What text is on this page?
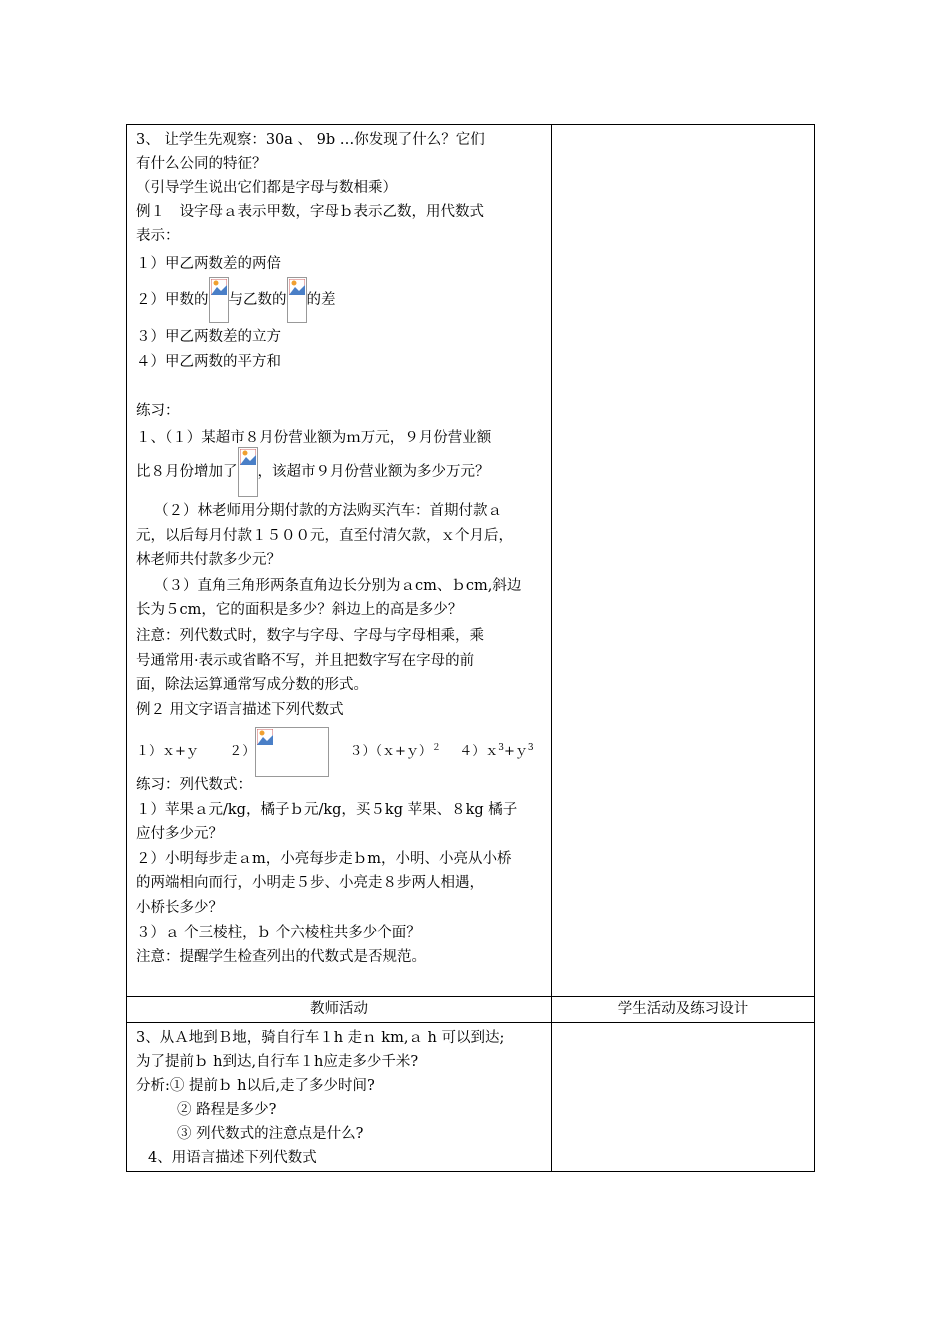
3、 让学生先观察：30a 、 9b …你发现了什么？它们
有什么公同的特征？
（引导学生说出它们都是字母与数相乘）
例１　设字母ａ表示甲数，字母ｂ表示乙数，用代数式
表示：
１）甲乙两数差的两倍
２）甲数的 与乙数的 的差
３）甲乙两数差的立方
４）甲乙两数的平方和
练习：
１、（１）某超市８月份营业额为ｍ万元，９月份营业额
比８月份增加了 ，该超市９月份营业额为多少万元？
（２）林老师用分期付款的方法购买汽车：首期付款ａ
元，以后每月付款１５００元，直至付清欠款，ｘ个月后，
林老师共付款多少元？
（３）直角三角形两条直角边长分别为ａcm、ｂcm,斜边
长为５cm，它的面积是多少？斜边上的高是多少？
注意：列代数式时，数字与字母、字母与字母相乘，乘
号通常用·表示或省略不写，并且把数字写在字母的前
面，除法运算通常写成分数的形式。
例２ 用文字语言描述下列代数式
１）ｘ+ｙ ２）	３）（ｘ+ｙ）$^2$ ４）ｘ$^3$+ｙ$^3$
练习：列代数式：
１）苹果ａ元/kg，橘子ｂ元/kg，买５kg 苹果、８kg 橘子
应付多少元？
２）小明每步走ａm，小亮每步走ｂm，小明、小亮从小桥
的两端相向而行，小明走５步、小亮走８步两人相遇，
小桥长多少？
３）ａ 个三棱柱，ｂ 个六棱柱共多少个面？
注意：提醒学生检查列出的代数式是否规范。
教师活动	学生活动及练习设计
3、从Ａ地到Ｂ地，骑自行车１h 走ｎ km,ａ h 可以到达;
为了提前ｂ h到达,自行车１h应走多少千米?
分析:① 提前ｂ h以后,走了多少时间?
② 路程是多少?
③ 列代数式的注意点是什么?
4、用语言描述下列代数式
